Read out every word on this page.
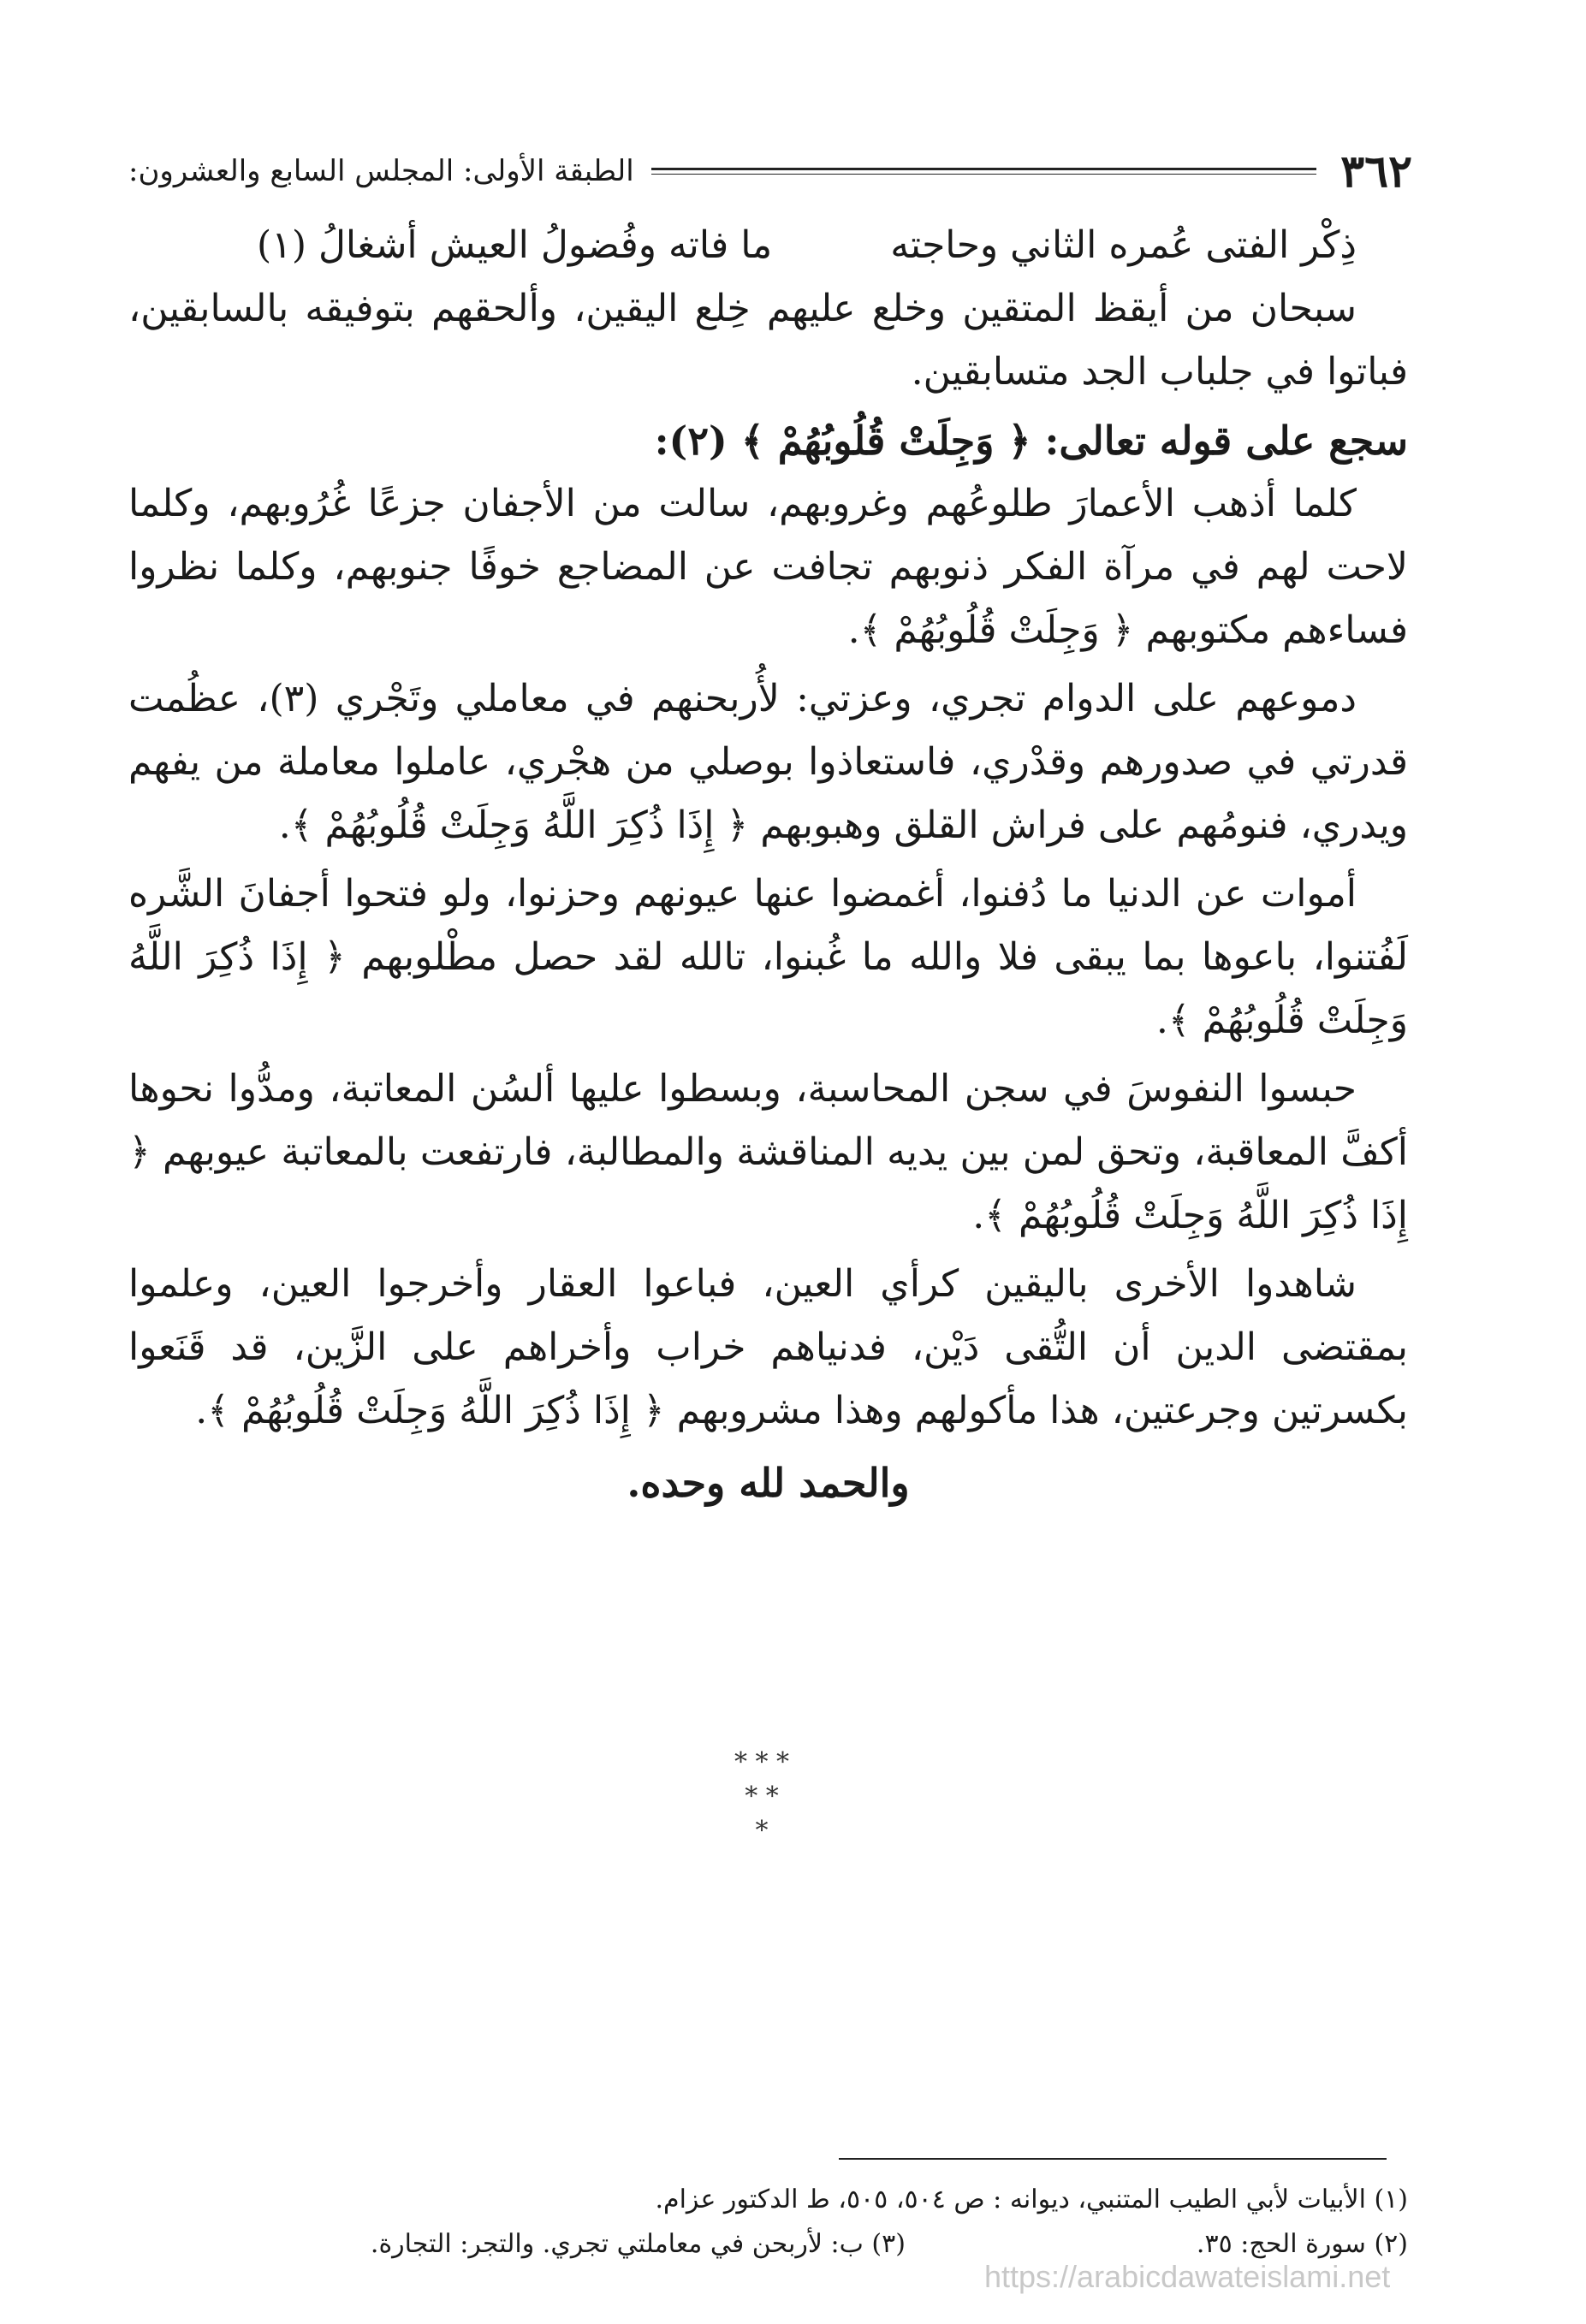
٣٦٢
الطبقة الأولى: المجلس السابع والعشرون:
ذِكْر الفتى عُمره الثاني وحاجته
ما فاته وفُضولُ العيش أشغالُ (١)

سبحان من أيقظ المتقين وخلع عليهم خِلع اليقين، وألحقهم بتوفيقه بالسابقين، فباتوا في جلباب الجد متسابقين.

سجع على قوله تعالى: ﴿ وَجِلَتْ قُلُوبُهُمْ ﴾ (٢):

كلما أذهب الأعمارَ طلوعُهم وغروبهم، سالت من الأجفان جزعًا غُرُوبهم، وكلما لاحت لهم في مرآة الفكر ذنوبهم تجافت عن المضاجع خوفًا جنوبهم، وكلما نظروا فساءهم مكتوبهم ﴿ وَجِلَتْ قُلُوبُهُمْ ﴾.

دموعهم على الدوام تجري، وعزتي: لأُربحنهم في معاملي وتَجْري (٣)، عظُمت قدرتي في صدورهم وقدْري، فاستعاذوا بوصلي من هجْري، عاملوا معاملة من يفهم ويدري، فنومُهم على فراش القلق وهبوبهم ﴿ إِذَا ذُكِرَ اللَّهُ وَجِلَتْ قُلُوبُهُمْ ﴾.

أموات عن الدنيا ما دُفنوا، أغمضوا عنها عيونهم وحزنوا، ولو فتحوا أجفانَ الشَّره لَفُتنوا، باعوها بما يبقى فلا والله ما غُبنوا، تالله لقد حصل مطْلوبهم ﴿ إِذَا ذُكِرَ اللَّهُ وَجِلَتْ قُلُوبُهُمْ ﴾.

حبسوا النفوسَ في سجن المحاسبة، وبسطوا عليها ألسُن المعاتبة، ومدُّوا نحوها أكفَّ المعاقبة، وتحق لمن بين يديه المناقشة والمطالبة، فارتفعت بالمعاتبة عيوبهم ﴿ إِذَا ذُكِرَ اللَّهُ وَجِلَتْ قُلُوبُهُمْ ﴾.

شاهدوا الأخرى باليقين كرأي العين، فباعوا العقار وأخرجوا العين، وعلموا بمقتضى الدين أن التُّقى دَيْن، فدنياهم خراب وأخراهم على الزَّين، قد قَنَعوا بكسرتين وجرعتين، هذا مأكولهم وهذا مشروبهم ﴿ إِذَا ذُكِرَ اللَّهُ وَجِلَتْ قُلُوبُهُمْ ﴾.

والحمد لله وحده.
* * *
* *
*
(١) الأبيات لأبي الطيب المتنبي، ديوانه : ص ٥٠٤، ٥٠٥، ط الدكتور عزام.
(٢) سورة الحج: ٣٥.
(٣) ب: لأربحن في معاملتي تجري. والتجر: التجارة.
https://arabicdawateislami.net
